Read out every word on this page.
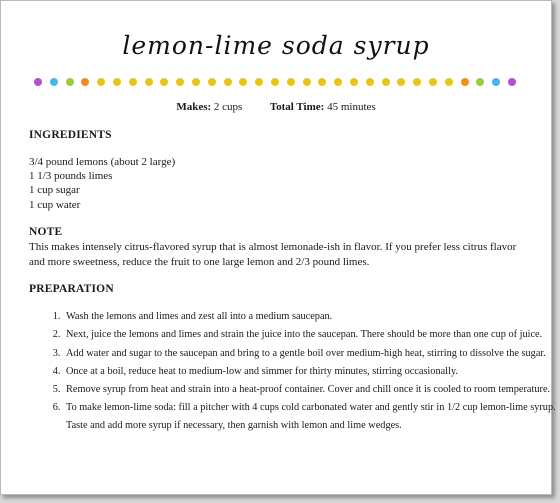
lemon-lime soda syrup
Makes: 2 cups	Total Time: 45 minutes
INGREDIENTS
3/4 pound lemons (about 2 large)
1 1/3 pounds limes
1 cup sugar
1 cup water
NOTE
This makes intensely citrus-flavored syrup that is almost lemonade-ish in flavor. If you prefer less citrus flavor and more sweetness, reduce the fruit to one large lemon and 2/3 pound limes.
PREPARATION
1. Wash the lemons and limes and zest all into a medium saucepan.
2. Next, juice the lemons and limes and strain the juice into the saucepan. There should be more than one cup of juice.
3. Add water and sugar to the saucepan and bring to a gentle boil over medium-high heat, stirring to dissolve the sugar.
4. Once at a boil, reduce heat to medium-low and simmer for thirty minutes, stirring occasionally.
5. Remove syrup from heat and strain into a heat-proof container. Cover and chill once it is cooled to room temperature.
6. To make lemon-lime soda: fill a pitcher with 4 cups cold carbonated water and gently stir in 1/2 cup lemon-lime syrup. Taste and add more syrup if necessary, then garnish with lemon and lime wedges.
